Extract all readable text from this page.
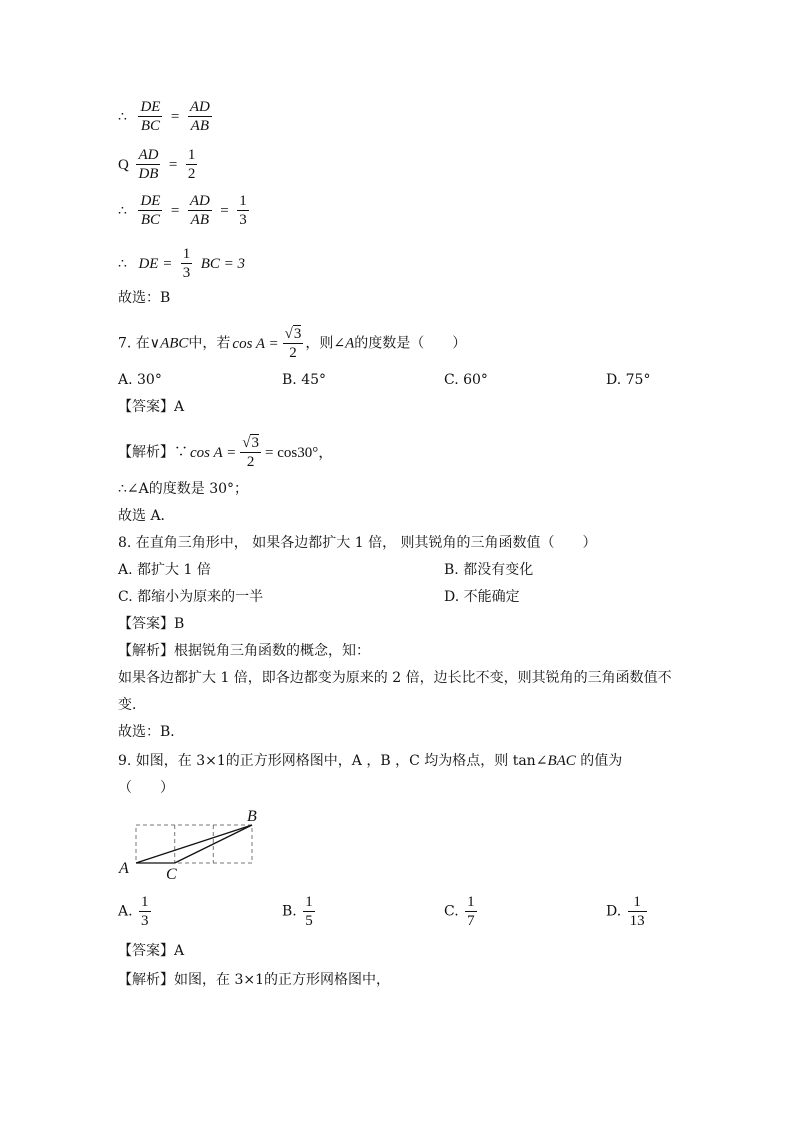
∴ $\frac{DE}{BC} = \frac{AD}{AB}$
Q $\frac{AD}{DB} = \frac{1}{2}$
∴ $\frac{DE}{BC} = \frac{AD}{AB} = \frac{1}{3}$
∴ DE = $\frac{1}{3}$ BC = 3
故选：B
7. 在∨ABC中，若 $\cos A = \frac{√3}{2}$ ，则∠A的度数是（　　）
A. 30°	B. 45°	C. 60°	D. 75°
【答案】A
【解析】∵ $\cos A = \frac{√3}{2} = \cos 30^\circ$，
∴∠A的度数是 30°；
故选 A．
8. 在直角三角形中， 如果各边都扩大 1 倍， 则其锐角的三角函数值（　　）
A. 都扩大 1 倍	B. 都没有变化
C. 都缩小为原来的一半	D. 不能确定
【答案】B
【解析】根据锐角三角函数的概念，知：
如果各边都扩大 1 倍，即各边都变为原来的 2 倍，边长比不变，则其锐角的三角函数值不
变．
故选：B．
9. 如图，在 3×1的正方形网格图中，A ，B ，C 均为格点，则 tan∠BAC 的值为
（　　）
A
B
C
A. $\frac{1}{3}$	B. $\frac{1}{5}$	C. $\frac{1}{7}$	D. $\frac{1}{13}$
【答案】A
【解析】如图，在 3×1的正方形网格图中，
